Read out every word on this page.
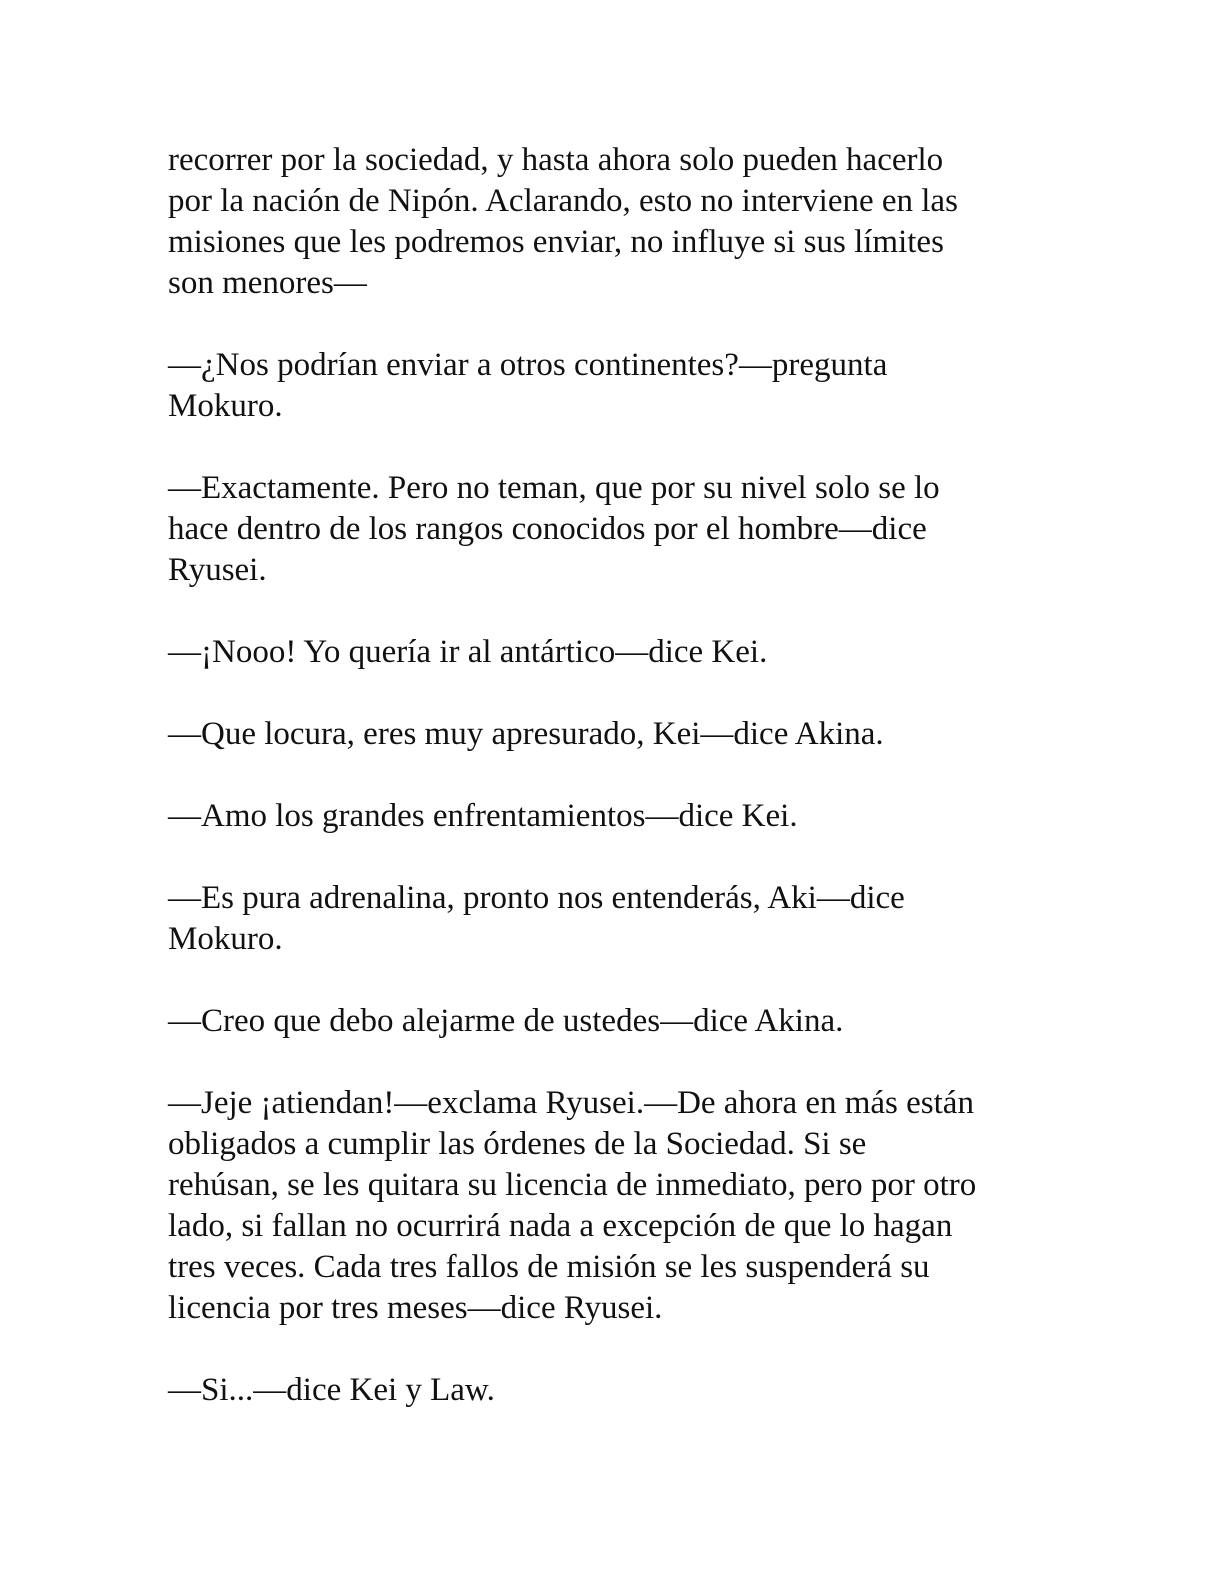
recorrer por la sociedad, y hasta ahora solo pueden hacerlo
por la nación de Nipón. Aclarando, esto no interviene en las
misiones que les podremos enviar, no influye si sus límites
son menores—

—¿Nos podrían enviar a otros continentes?—pregunta
Mokuro.

—Exactamente. Pero no teman, que por su nivel solo se lo
hace dentro de los rangos conocidos por el hombre—dice
Ryusei.

—¡Nooo! Yo quería ir al antártico—dice Kei.

—Que locura, eres muy apresurado, Kei—dice Akina.

—Amo los grandes enfrentamientos—dice Kei.

—Es pura adrenalina, pronto nos entenderás, Aki—dice
Mokuro.

—Creo que debo alejarme de ustedes—dice Akina.

—Jeje ¡atiendan!—exclama Ryusei.—De ahora en más están
obligados a cumplir las órdenes de la Sociedad. Si se
rehúsan, se les quitara su licencia de inmediato, pero por otro
lado, si fallan no ocurrirá nada a excepción de que lo hagan
tres veces. Cada tres fallos de misión se les suspenderá su
licencia por tres meses—dice Ryusei.

—Si...—dice Kei y Law.
